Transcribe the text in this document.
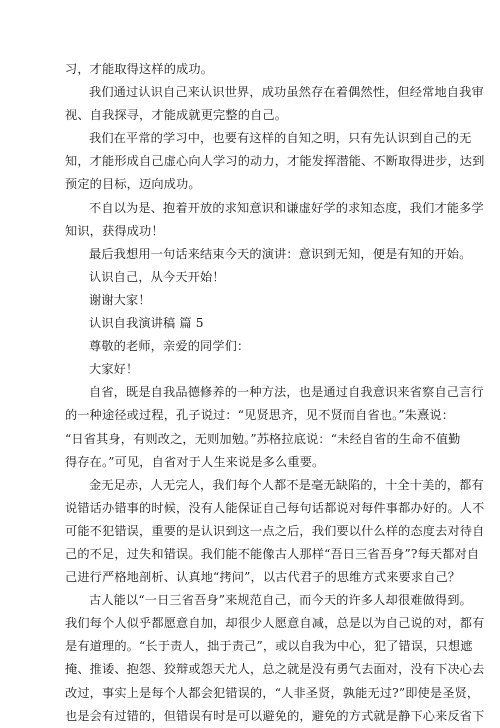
习，才能取得这样的成功。
我们通过认识自己来认识世界，成功虽然存在着偶然性，但经常地自我审
视、自我探寻，才能成就更完整的自己。
我们在平常的学习中，也要有这样的自知之明，只有先认识到自己的无
知，才能形成自己虚心向人学习的动力，才能发挥潜能、不断取得进步，达到
预定的目标，迈向成功。
不自以为是、抱着开放的求知意识和谦虚好学的求知态度，我们才能多学
知识，获得成功！
最后我想用一句话来结束今天的演讲：意识到无知，便是有知的开始。
认识自己，从今天开始！
谢谢大家！
认识自我演讲稿 篇 5
尊敬的老师，亲爱的同学们：
大家好！
自省，既是自我品德修养的一种方法，也是通过自我意识来省察自己言行
的一种途径或过程，孔子说过：“见贤思齐，见不贤而自省也。”朱熹说：
“日省其身，有则改之，无则加勉。”苏格拉底说：“未经自省的生命不值勤
得存在。”可见，自省对于人生来说是多么重要。
金无足赤，人无完人，我们每个人都不是毫无缺陷的，十全十美的，都有
说错话办错事的时候，没有人能保证自己每句话都说对每件事都办好的。人不
可能不犯错误，重要的是认识到这一点之后，我们要以什么样的态度去对待自
己的不足，过失和错误。我们能不能像古人那样“吾日三省吾身”?每天都对自
己进行严格地剖析、认真地“拷问”，以古代君子的思维方式来要求自己？
古人能以“一日三省吾身”来规范自己，而今天的许多人却很难做得到。
我们每个人似乎都愿意自加，却很少人愿意自减，总是以为自己说的对，都有
是有道理的。“长于责人，拙于责己”，或以自我为中心，犯了错误，只想遮
掩、推诿、抱怨、狡辩或怨天尤人，总之就是没有勇气去面对，没有下决心去
改过，事实上是每个人都会犯错误的，“人非圣贤，孰能无过?”即使是圣贤，
也是会有过错的，但错误有时是可以避免的，避免的方式就是静下心来反省下
